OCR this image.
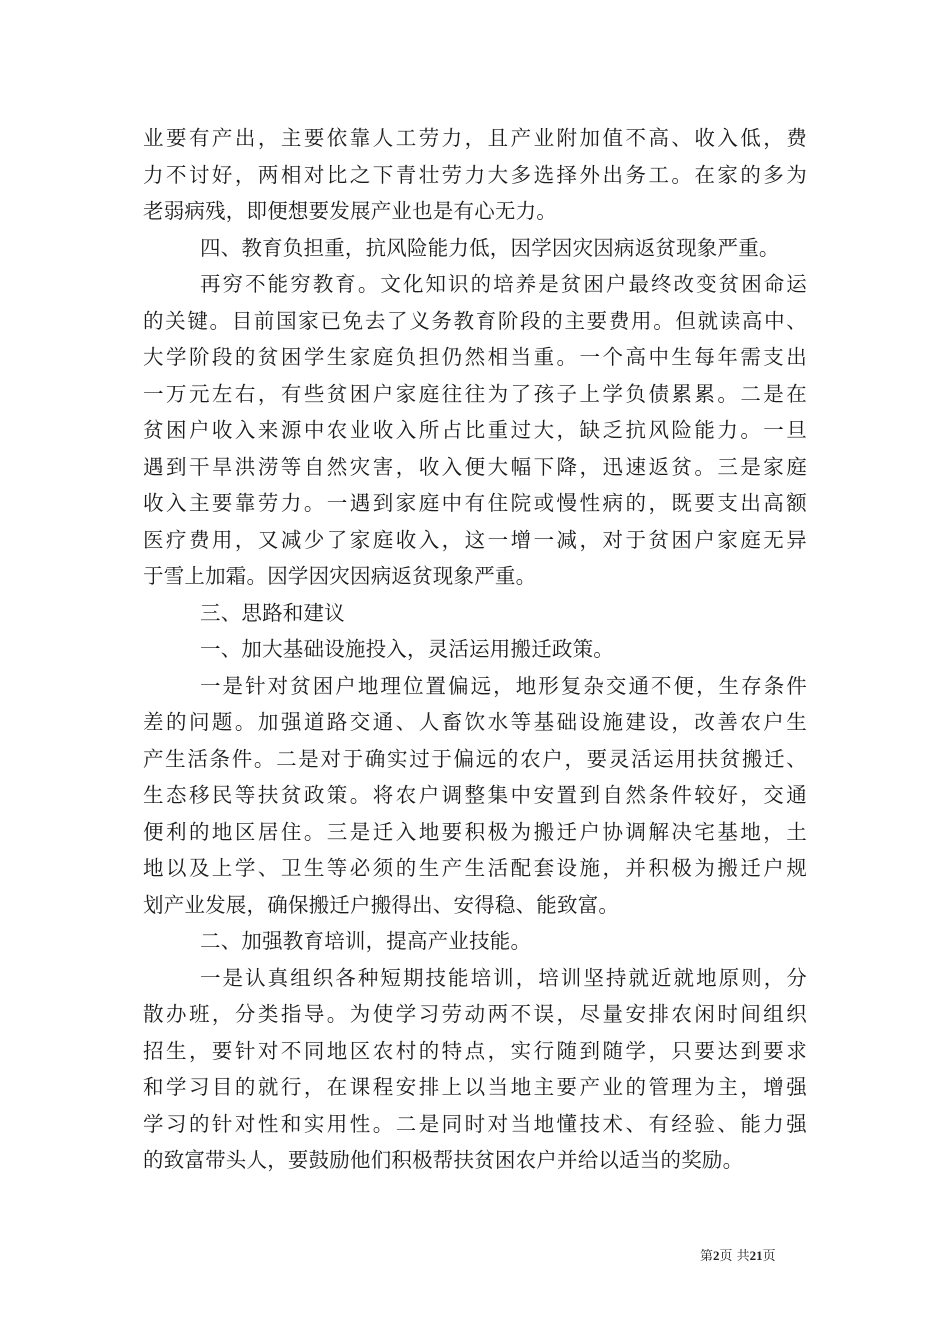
业要有产出，主要依靠人工劳力，且产业附加值不高、收入低，费
力不讨好，两相对比之下青壮劳力大多选择外出务工。在家的多为
老弱病残，即便想要发展产业也是有心无力。
四、教育负担重，抗风险能力低，因学因灾因病返贫现象严重。
再穷不能穷教育。文化知识的培养是贫困户最终改变贫困命运
的关键。目前国家已免去了义务教育阶段的主要费用。但就读高中、
大学阶段的贫困学生家庭负担仍然相当重。一个高中生每年需支出
一万元左右，有些贫困户家庭往往为了孩子上学负债累累。二是在
贫困户收入来源中农业收入所占比重过大，缺乏抗风险能力。一旦
遇到干旱洪涝等自然灾害，收入便大幅下降，迅速返贫。三是家庭
收入主要靠劳力。一遇到家庭中有住院或慢性病的，既要支出高额
医疗费用，又减少了家庭收入，这一增一减，对于贫困户家庭无异
于雪上加霜。因学因灾因病返贫现象严重。
三、思路和建议
一、加大基础设施投入，灵活运用搬迁政策。
一是针对贫困户地理位置偏远，地形复杂交通不便，生存条件
差的问题。加强道路交通、人畜饮水等基础设施建设，改善农户生
产生活条件。二是对于确实过于偏远的农户，要灵活运用扶贫搬迁、
生态移民等扶贫政策。将农户调整集中安置到自然条件较好，交通
便利的地区居住。三是迁入地要积极为搬迁户协调解决宅基地，土
地以及上学、卫生等必须的生产生活配套设施，并积极为搬迁户规
划产业发展，确保搬迁户搬得出、安得稳、能致富。
二、加强教育培训，提高产业技能。
一是认真组织各种短期技能培训，培训坚持就近就地原则，分
散办班，分类指导。为使学习劳动两不误，尽量安排农闲时间组织
招生，要针对不同地区农村的特点，实行随到随学，只要达到要求
和学习目的就行，在课程安排上以当地主要产业的管理为主，增强
学习的针对性和实用性。二是同时对当地懂技术、有经验、能力强
的致富带头人，要鼓励他们积极帮扶贫困农户并给以适当的奖励。
第2页 共21页
